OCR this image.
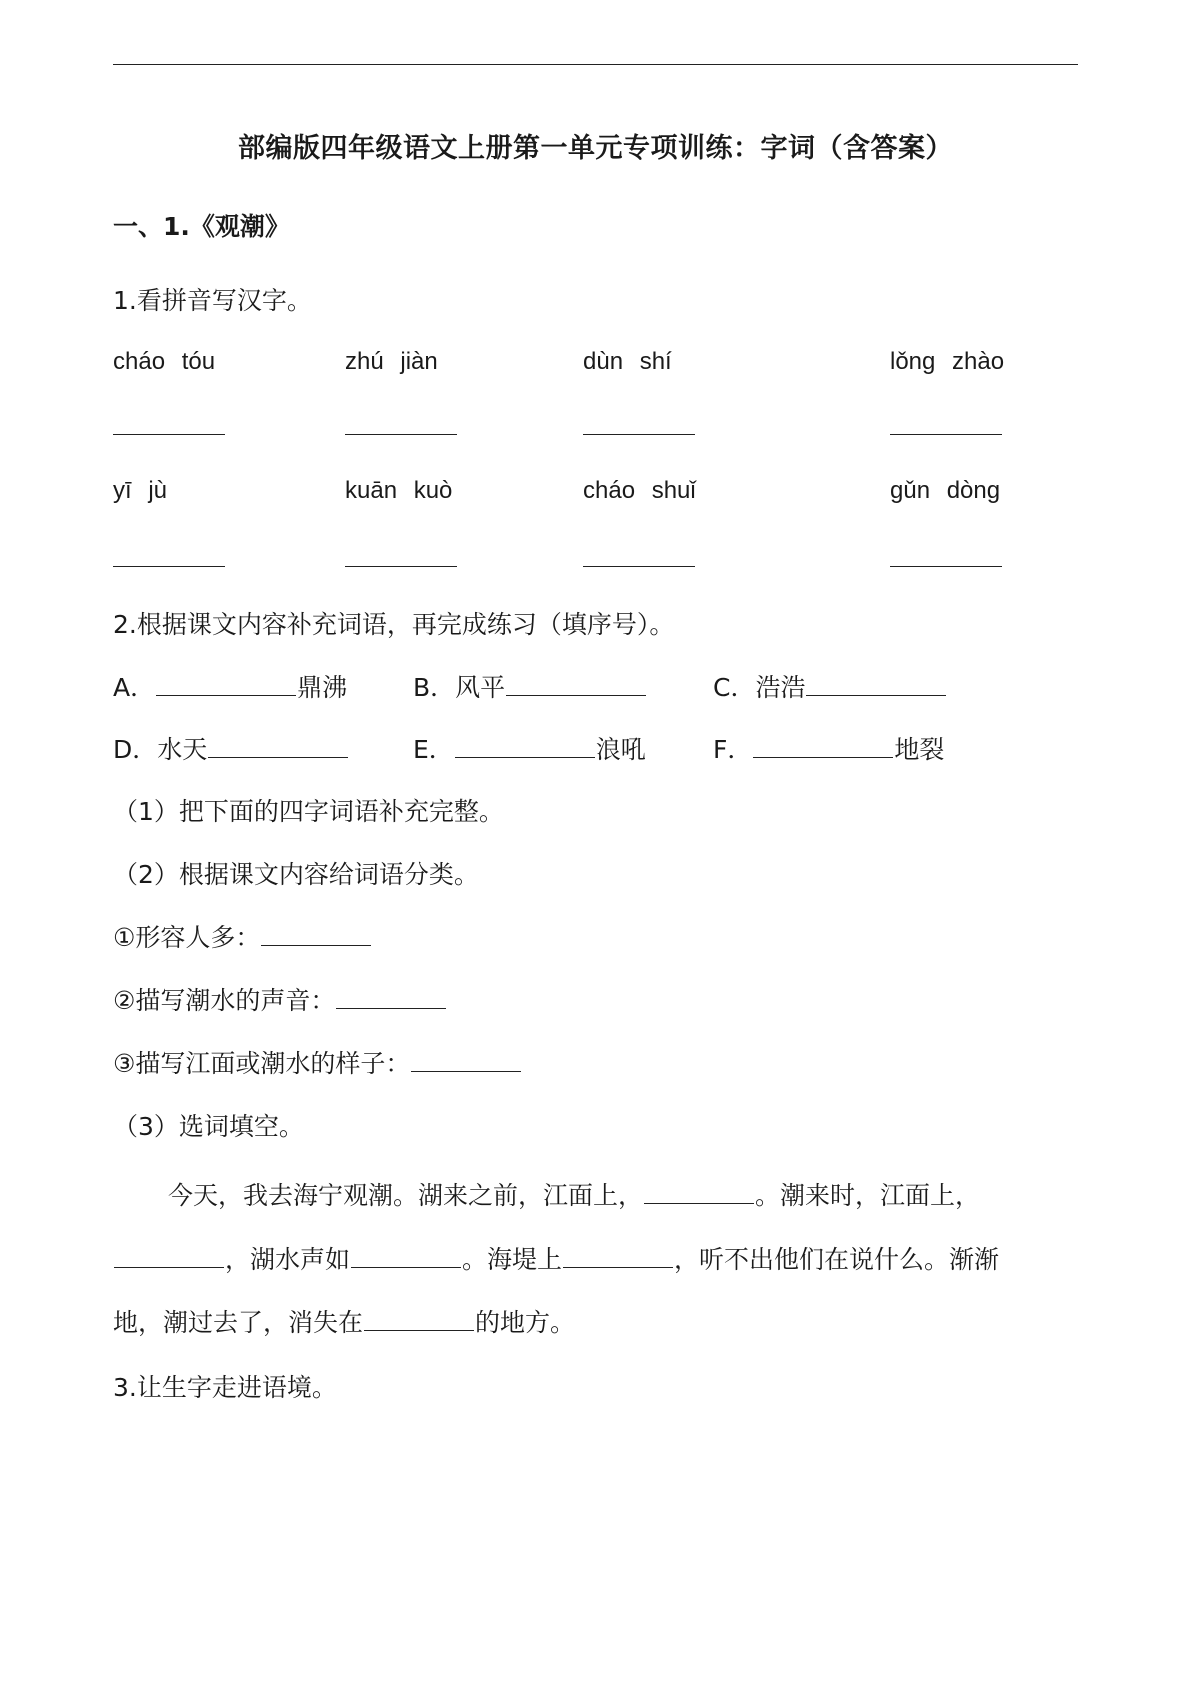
部编版四年级语文上册第一单元专项训练：字词（含答案）
一、1.《观潮》
1.看拼音写汉字。
cháo tóu	zhú jiàn	dùn shí	lǒng zhào
yī jù	kuān kuò	cháo shuǐ	gǔn dòng
2.根据课文内容补充词语，再完成练习（填序号）。
A．	鼎沸	B．风平	C．浩浩
D．水天	E．	浪吼	F．	地裂
（1）把下面的四字词语补充完整。
（2）根据课文内容给词语分类。
①形容人多：
②描写潮水的声音：
③描写江面或潮水的样子：
（3）选词填空。
今天，我去海宁观潮。湖来之前，江面上，	。潮来时，江面上，
，湖水声如	。海堤上	，听不出他们在说什么。渐渐
地，潮过去了，消失在	的地方。
3.让生字走进语境。
